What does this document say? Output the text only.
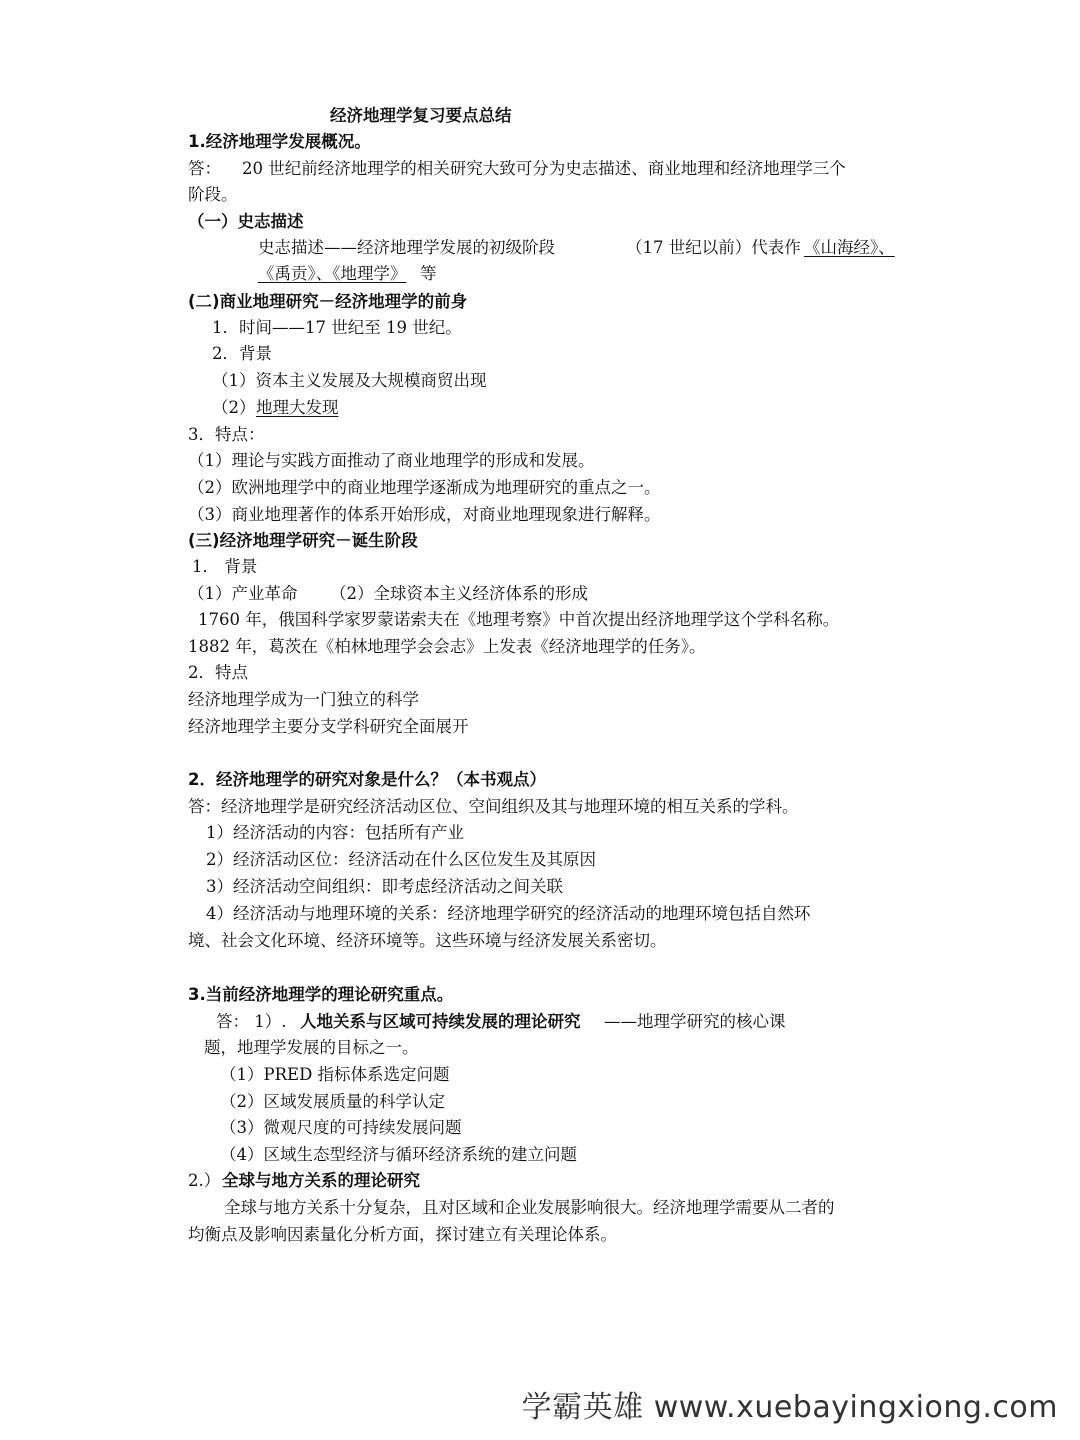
经济地理学复习要点总结
1.经济地理学发展概况。
答： 20 世纪前经济地理学的相关研究大致可分为史志描述、商业地理和经济地理学三个
阶段。
（一）史志描述
史志描述——经济地理学发展的初级阶段	（17 世纪以前）代表作 《山海经》、
《禹贡》、《地理学》 等
(二)商业地理研究－经济地理学的前身
1．时间——17 世纪至 19 世纪。
2．背景
（1）资本主义发展及大规模商贸出现
（2） 地理大发现
3．特点：
（1）理论与实践方面推动了商业地理学的形成和发展。
（2）欧洲地理学中的商业地理学逐渐成为地理研究的重点之一。
（3）商业地理著作的体系开始形成，对商业地理现象进行解释。
(三)经济地理学研究－诞生阶段
1． 背景
（1）产业革命 （2）全球资本主义经济体系的形成
1760 年，俄国科学家罗蒙诺索夫在《地理考察》中首次提出经济地理学这个学科名称。
1882 年，葛茨在《柏林地理学会会志》上发表《经济地理学的任务》。
2．特点
经济地理学成为一门独立的科学
经济地理学主要分支学科研究全面展开
2．经济地理学的研究对象是什么？（本书观点）
答：经济地理学是研究经济活动区位、空间组织及其与地理环境的相互关系的学科。
1）经济活动的内容：包括所有产业
2）经济活动区位：经济活动在什么区位发生及其原因
3）经济活动空间组织：即考虑经济活动之间关联
4）经济活动与地理环境的关系：经济地理学研究的经济活动的地理环境包括自然环
境、社会文化环境、经济环境等。这些环境与经济发展关系密切。
3.当前经济地理学的理论研究重点。
答： 1）. 人地关系与区域可持续发展的理论研究 ——地理学研究的核心课
题，地理学发展的目标之一。
（1）PRED 指标体系选定问题
（2）区域发展质量的科学认定
（3）微观尺度的可持续发展问题
（4）区域生态型经济与循环经济系统的建立问题
2.） 全球与地方关系的理论研究
全球与地方关系十分复杂，且对区域和企业发展影响很大。经济地理学需要从二者的
均衡点及影响因素量化分析方面，探讨建立有关理论体系。
学霸英雄 www.xuebayingxiong.com
